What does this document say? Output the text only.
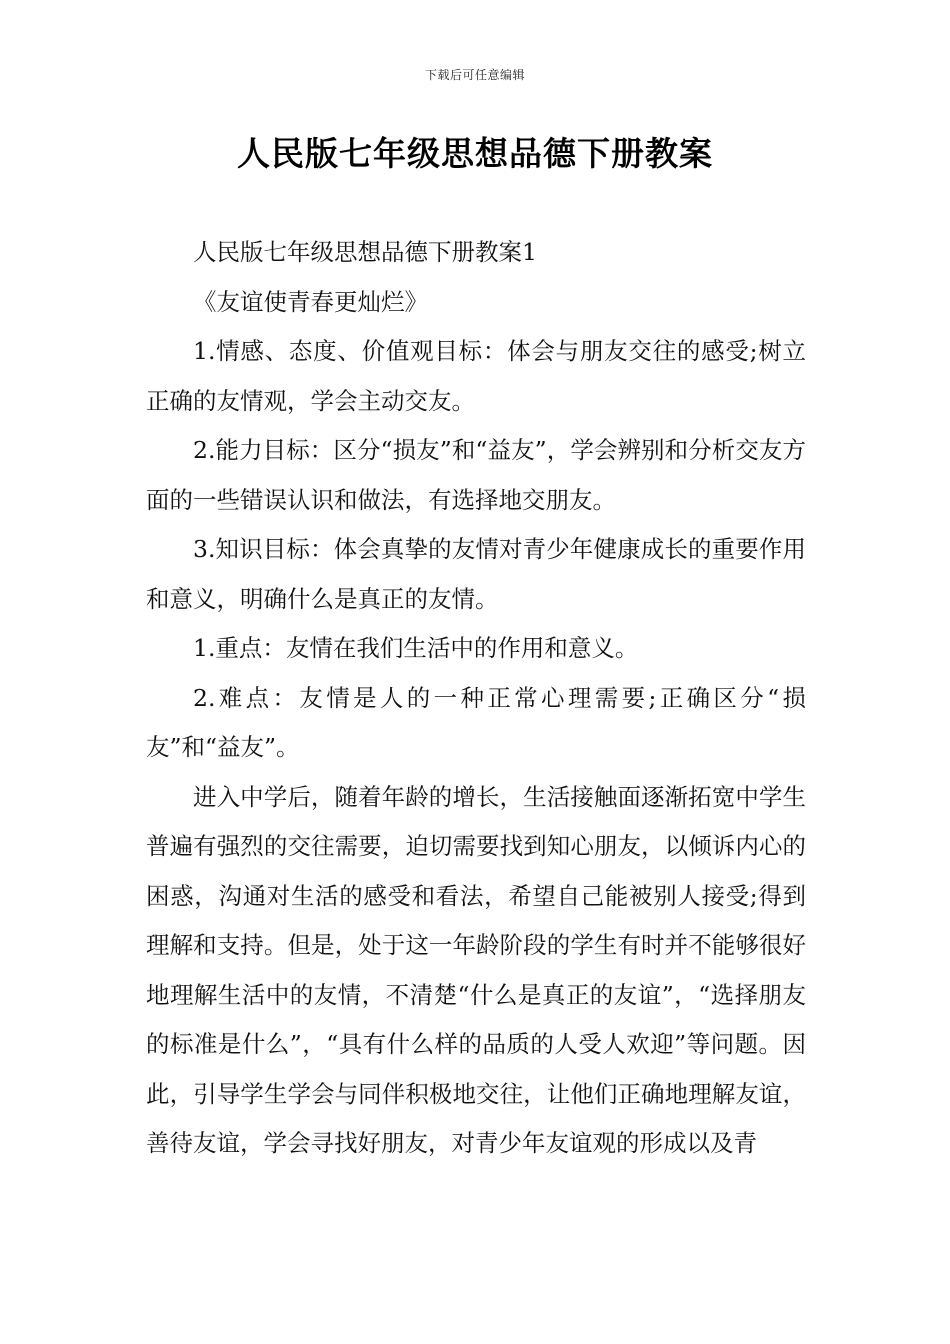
下载后可任意编辑
人民版七年级思想品德下册教案

人民版七年级思想品德下册教案1

《友谊使青春更灿烂》

1.情感、态度、价值观目标：体会与朋友交往的感受;树立正确的友情观，学会主动交友。

2.能力目标：区分“损友”和“益友”，学会辨别和分析交友方面的一些错误认识和做法，有选择地交朋友。

3.知识目标：体会真挚的友情对青少年健康成长的重要作用和意义，明确什么是真正的友情。

1.重点：友情在我们生活中的作用和意义。

2.难点：友情是人的一种正常心理需要;正确区分“损友”和“益友”。

进入中学后，随着年龄的增长，生活接触面逐渐拓宽中学生普遍有强烈的交往需要，迫切需要找到知心朋友，以倾诉内心的困惑，沟通对生活的感受和看法，希望自己能被别人接受;得到理解和支持。但是，处于这一年龄阶段的学生有时并不能够很好地理解生活中的友情，不清楚“什么是真正的友谊”，“选择朋友的标准是什么”，“具有什么样的品质的人受人欢迎”等问题。因此，引导学生学会与同伴积极地交往，让他们正确地理解友谊，善待友谊，学会寻找好朋友，对青少年友谊观的形成以及青
